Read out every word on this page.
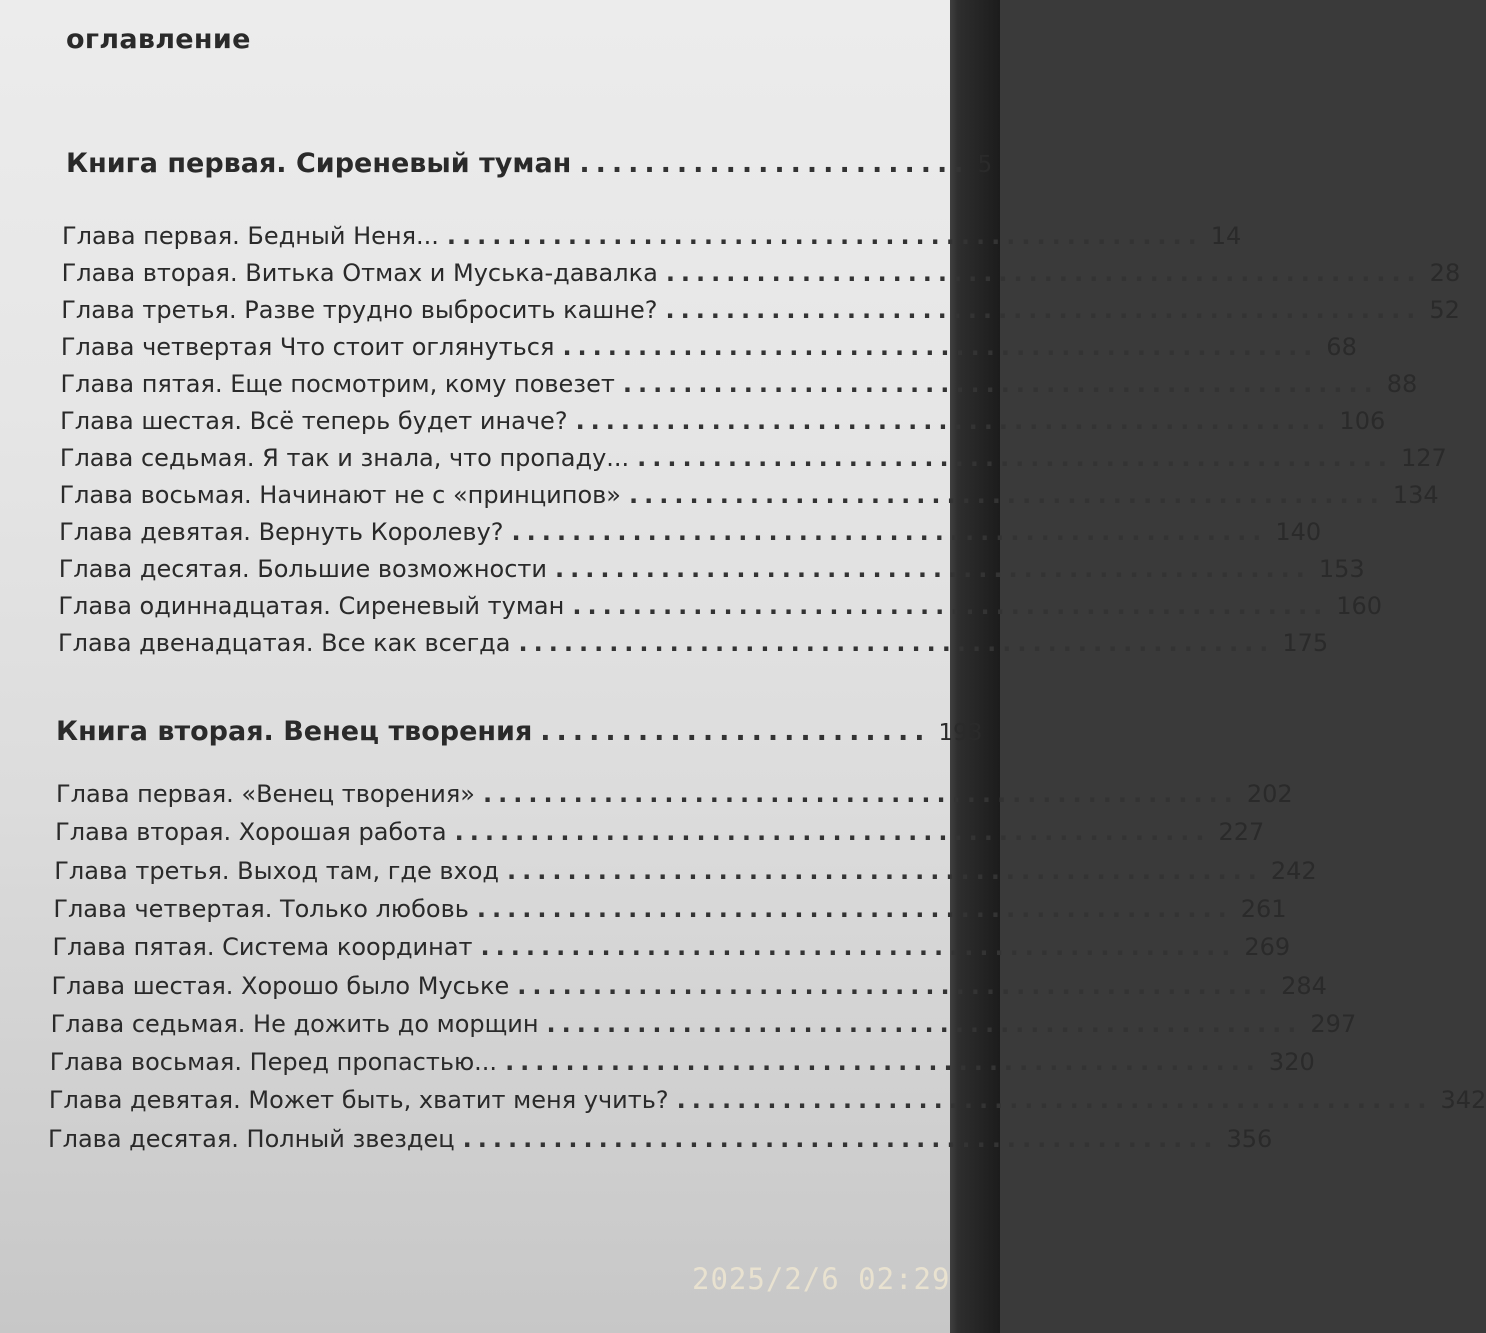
оглавление
Книга первая. Сиреневый туман ........................ 5
Глава первая. Бедный Неня... .................................................. 14
Глава вторая. Витька Отмах и Муська-давалка .................................................. 28
Глава третья. Разве трудно выбросить кашне? .................................................. 52
Глава четвертая Что стоит оглянуться .................................................. 68
Глава пятая. Еще посмотрим, кому повезет .................................................. 88
Глава шестая. Всё теперь будет иначе? .................................................. 106
Глава седьмая. Я так и знала, что пропаду... .................................................. 127
Глава восьмая. Начинают не с «принципов» .................................................. 134
Глава девятая. Вернуть Королеву? .................................................. 140
Глава десятая. Большие возможности .................................................. 153
Глава одиннадцатая. Сиреневый туман .................................................. 160
Глава двенадцатая. Все как всегда .................................................. 175
Книга вторая. Венец творения ........................ 193
Глава первая. «Венец творения» .................................................. 202
Глава вторая. Хорошая работа .................................................. 227
Глава третья. Выход там, где вход .................................................. 242
Глава четвертая. Только любовь .................................................. 261
Глава пятая. Система координат .................................................. 269
Глава шестая. Хорошо было Муське .................................................. 284
Глава седьмая. Не дожить до морщин .................................................. 297
Глава восьмая. Перед пропастью... .................................................. 320
Глава девятая. Может быть, хватит меня учить? .................................................. 342
Глава десятая. Полный звездец .................................................. 356
2025/2/6 02:29
